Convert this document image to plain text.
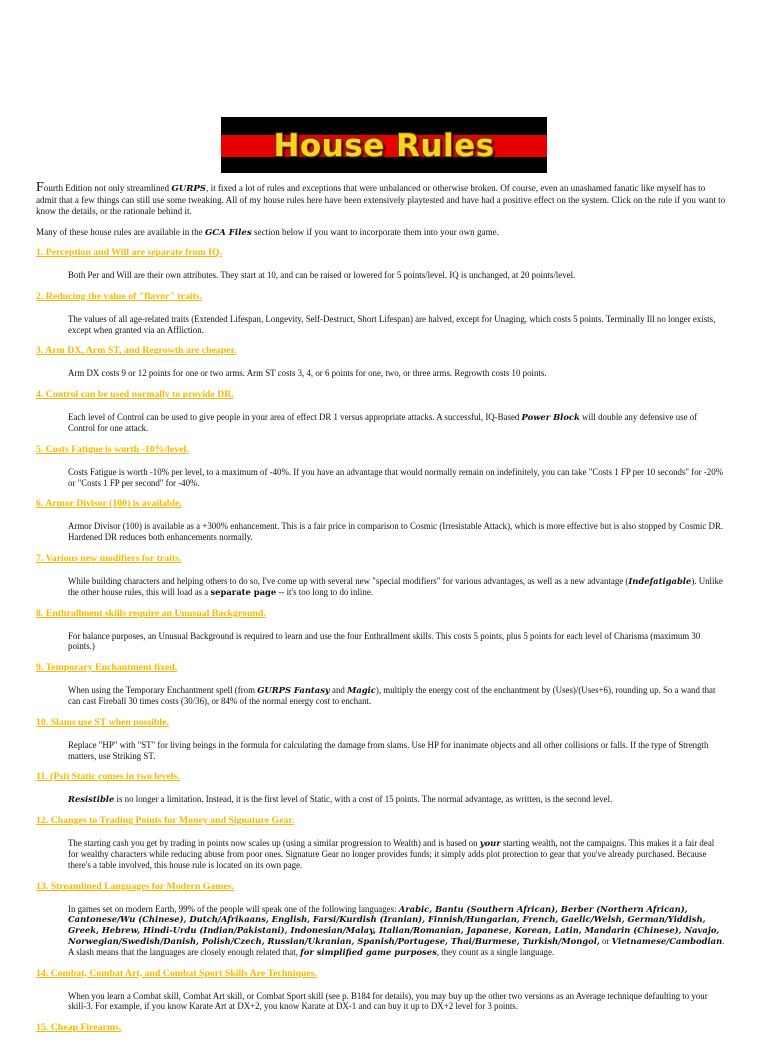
House Rules

Fourth Edition not only streamlined GURPS, it fixed a lot of rules and exceptions that were unbalanced or otherwise broken. Of course, even an unashamed fanatic like myself has to admit that a few things can still use some tweaking. All of my house rules here have been extensively playtested and have had a positive effect on the system. Click on the rule if you want to know the details, or the rationale behind it.

Many of these house rules are available in the GCA Files section below if you want to incorporate them into your own game.

1. Perception and Will are separate from IQ.

Both Per and Will are their own attributes. They start at 10, and can be raised or lowered for 5 points/level. IQ is unchanged, at 20 points/level.

2. Reducing the value of "flavor" traits.

The values of all age-related traits (Extended Lifespan, Longevity, Self-Destruct, Short Lifespan) are halved, except for Unaging, which costs 5 points. Terminally Ill no longer exists, except when granted via an Affliction.

3. Arm DX, Arm ST, and Regrowth are cheaper.

Arm DX costs 9 or 12 points for one or two arms. Arm ST costs 3, 4, or 6 points for one, two, or three arms. Regrowth costs 10 points.

4. Control can be used normally to provide DR.

Each level of Control can be used to give people in your area of effect DR 1 versus appropriate attacks. A successful, IQ-Based Power Block will double any defensive use of Control for one attack.

5. Costs Fatigue is worth -10%/level.

Costs Fatigue is worth -10% per level, to a maximum of -40%. If you have an advantage that would normally remain on indefinitely, you can take "Costs 1 FP per 10 seconds" for -20% or "Costs 1 FP per second" for -40%.

6. Armor Divisor (100) is available.

Armor Divisor (100) is available as a +300% enhancement. This is a fair price in comparison to Cosmic (Irresistable Attack), which is more effective but is also stopped by Cosmic DR. Hardened DR reduces both enhancements normally.

7. Various new modifiers for traits.

While building characters and helping others to do so, I've come up with several new "special modifiers" for various advantages, as well as a new advantage (Indefatigable). Unlike the other house rules, this will load as a separate page -- it's too long to do inline.

8. Enthrallment skills require an Unusual Background.

For balance purposes, an Unusual Background is required to learn and use the four Enthrallment skills. This costs 5 points, plus 5 points for each level of Charisma (maximum 30 points.)

9. Temporary Enchantment fixed.

When using the Temporary Enchantment spell (from GURPS Fantasy and Magic), multiply the energy cost of the enchantment by (Uses)/(Uses+6), rounding up. So a wand that can cast Fireball 30 times costs (30/36), or 84% of the normal energy cost to enchant.

10. Slams use ST when possible.

Replace "HP" with "ST" for living beings in the formula for calculating the damage from slams. Use HP for inanimate objects and all other collisions or falls. If the type of Strength matters, use Striking ST.

11. (Psi) Static comes in two levels.

Resistible is no longer a limitation. Instead, it is the first level of Static, with a cost of 15 points. The normal advantage, as written, is the second level.

12. Changes to Trading Points for Money and Signature Gear.

The starting cash you get by trading in points now scales up (using a similar progression to Wealth) and is based on your starting wealth, not the campaigns. This makes it a fair deal for wealthy characters while reducing abuse from poor ones. Signature Gear no longer provides funds; it simply adds plot protection to gear that you've already purchased. Because there's a table involved, this house rule is located on its own page.

13. Streamlined Languages for Modern Games.

In games set on modern Earth, 99% of the people will speak one of the following languages: Arabic, Bantu (Southern African), Berber (Northern African), Cantonese/Wu (Chinese), Dutch/Afrikaans, English, Farsi/Kurdish (Iranian), Finnish/Hungarian, French, Gaelic/Welsh, German/Yiddish, Greek, Hebrew, Hindi-Urdu (Indian/Pakistani), Indonesian/Malay, Italian/Romanian, Japanese, Korean, Latin, Mandarin (Chinese), Navajo, Norwegian/Swedish/Danish, Polish/Czech, Russian/Ukranian, Spanish/Portugese, Thai/Burmese, Turkish/Mongol, or Vietnamese/Cambodian. A slash means that the languages are closely enough related that, for simplified game purposes, they count as a single language.

14. Combat, Combat Art, and Combat Sport Skills Are Techniques.

When you learn a Combat skill, Combat Art skill, or Combat Sport skill (see p. B184 for details), you may buy up the other two versions as an Average technique defaulting to your skill-3. For example, if you know Karate Art at DX+2, you know Karate at DX-1 and can buy it up to DX+2 level for 3 points.

15. Cheap Firearms.
